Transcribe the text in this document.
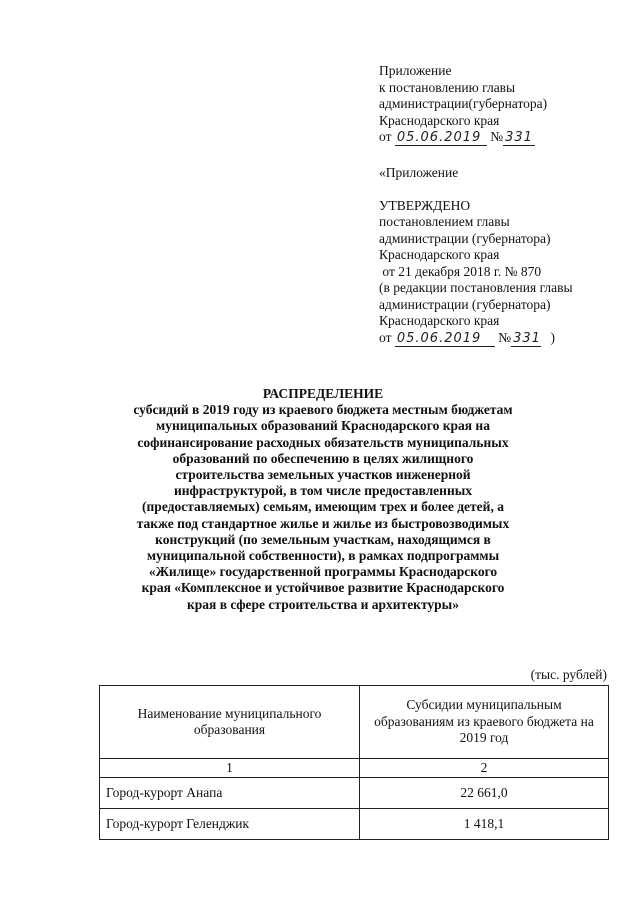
Приложение
к постановлению главы
администрации(губернатора)
Краснодарского края
от 05.06.2019 № 331
«Приложение
УТВЕРЖДЕНО
постановлением главы
администрации (губернатора)
Краснодарского края
от 21 декабря 2018 г. № 870
(в редакции постановления главы
администрации (губернатора)
Краснодарского края
от 05.06.2019 № 331 )
РАСПРЕДЕЛЕНИЕ
субсидий в 2019 году из краевого бюджета местным бюджетам
муниципальных образований Краснодарского края на
софинансирование расходных обязательств муниципальных
образований по обеспечению в целях жилищного
строительства земельных участков инженерной
инфраструктурой, в том числе предоставленных
(предоставляемых) семьям, имеющим трех и более детей, а
также под стандартное жилье и жилье из быстровозводимых
конструкций (по земельным участкам, находящимся в
муниципальной собственности), в рамках подпрограммы
«Жилище» государственной программы Краснодарского
края «Комплексное и устойчивое развитие Краснодарского
края в сфере строительства и архитектуры»
(тыс. рублей)
Наименование муниципального образования	Субсидии муниципальным образованиям из краевого бюджета на 2019 год
1	2
Город-курорт Анапа	22 661,0
Город-курорт Геленджик	1 418,1
